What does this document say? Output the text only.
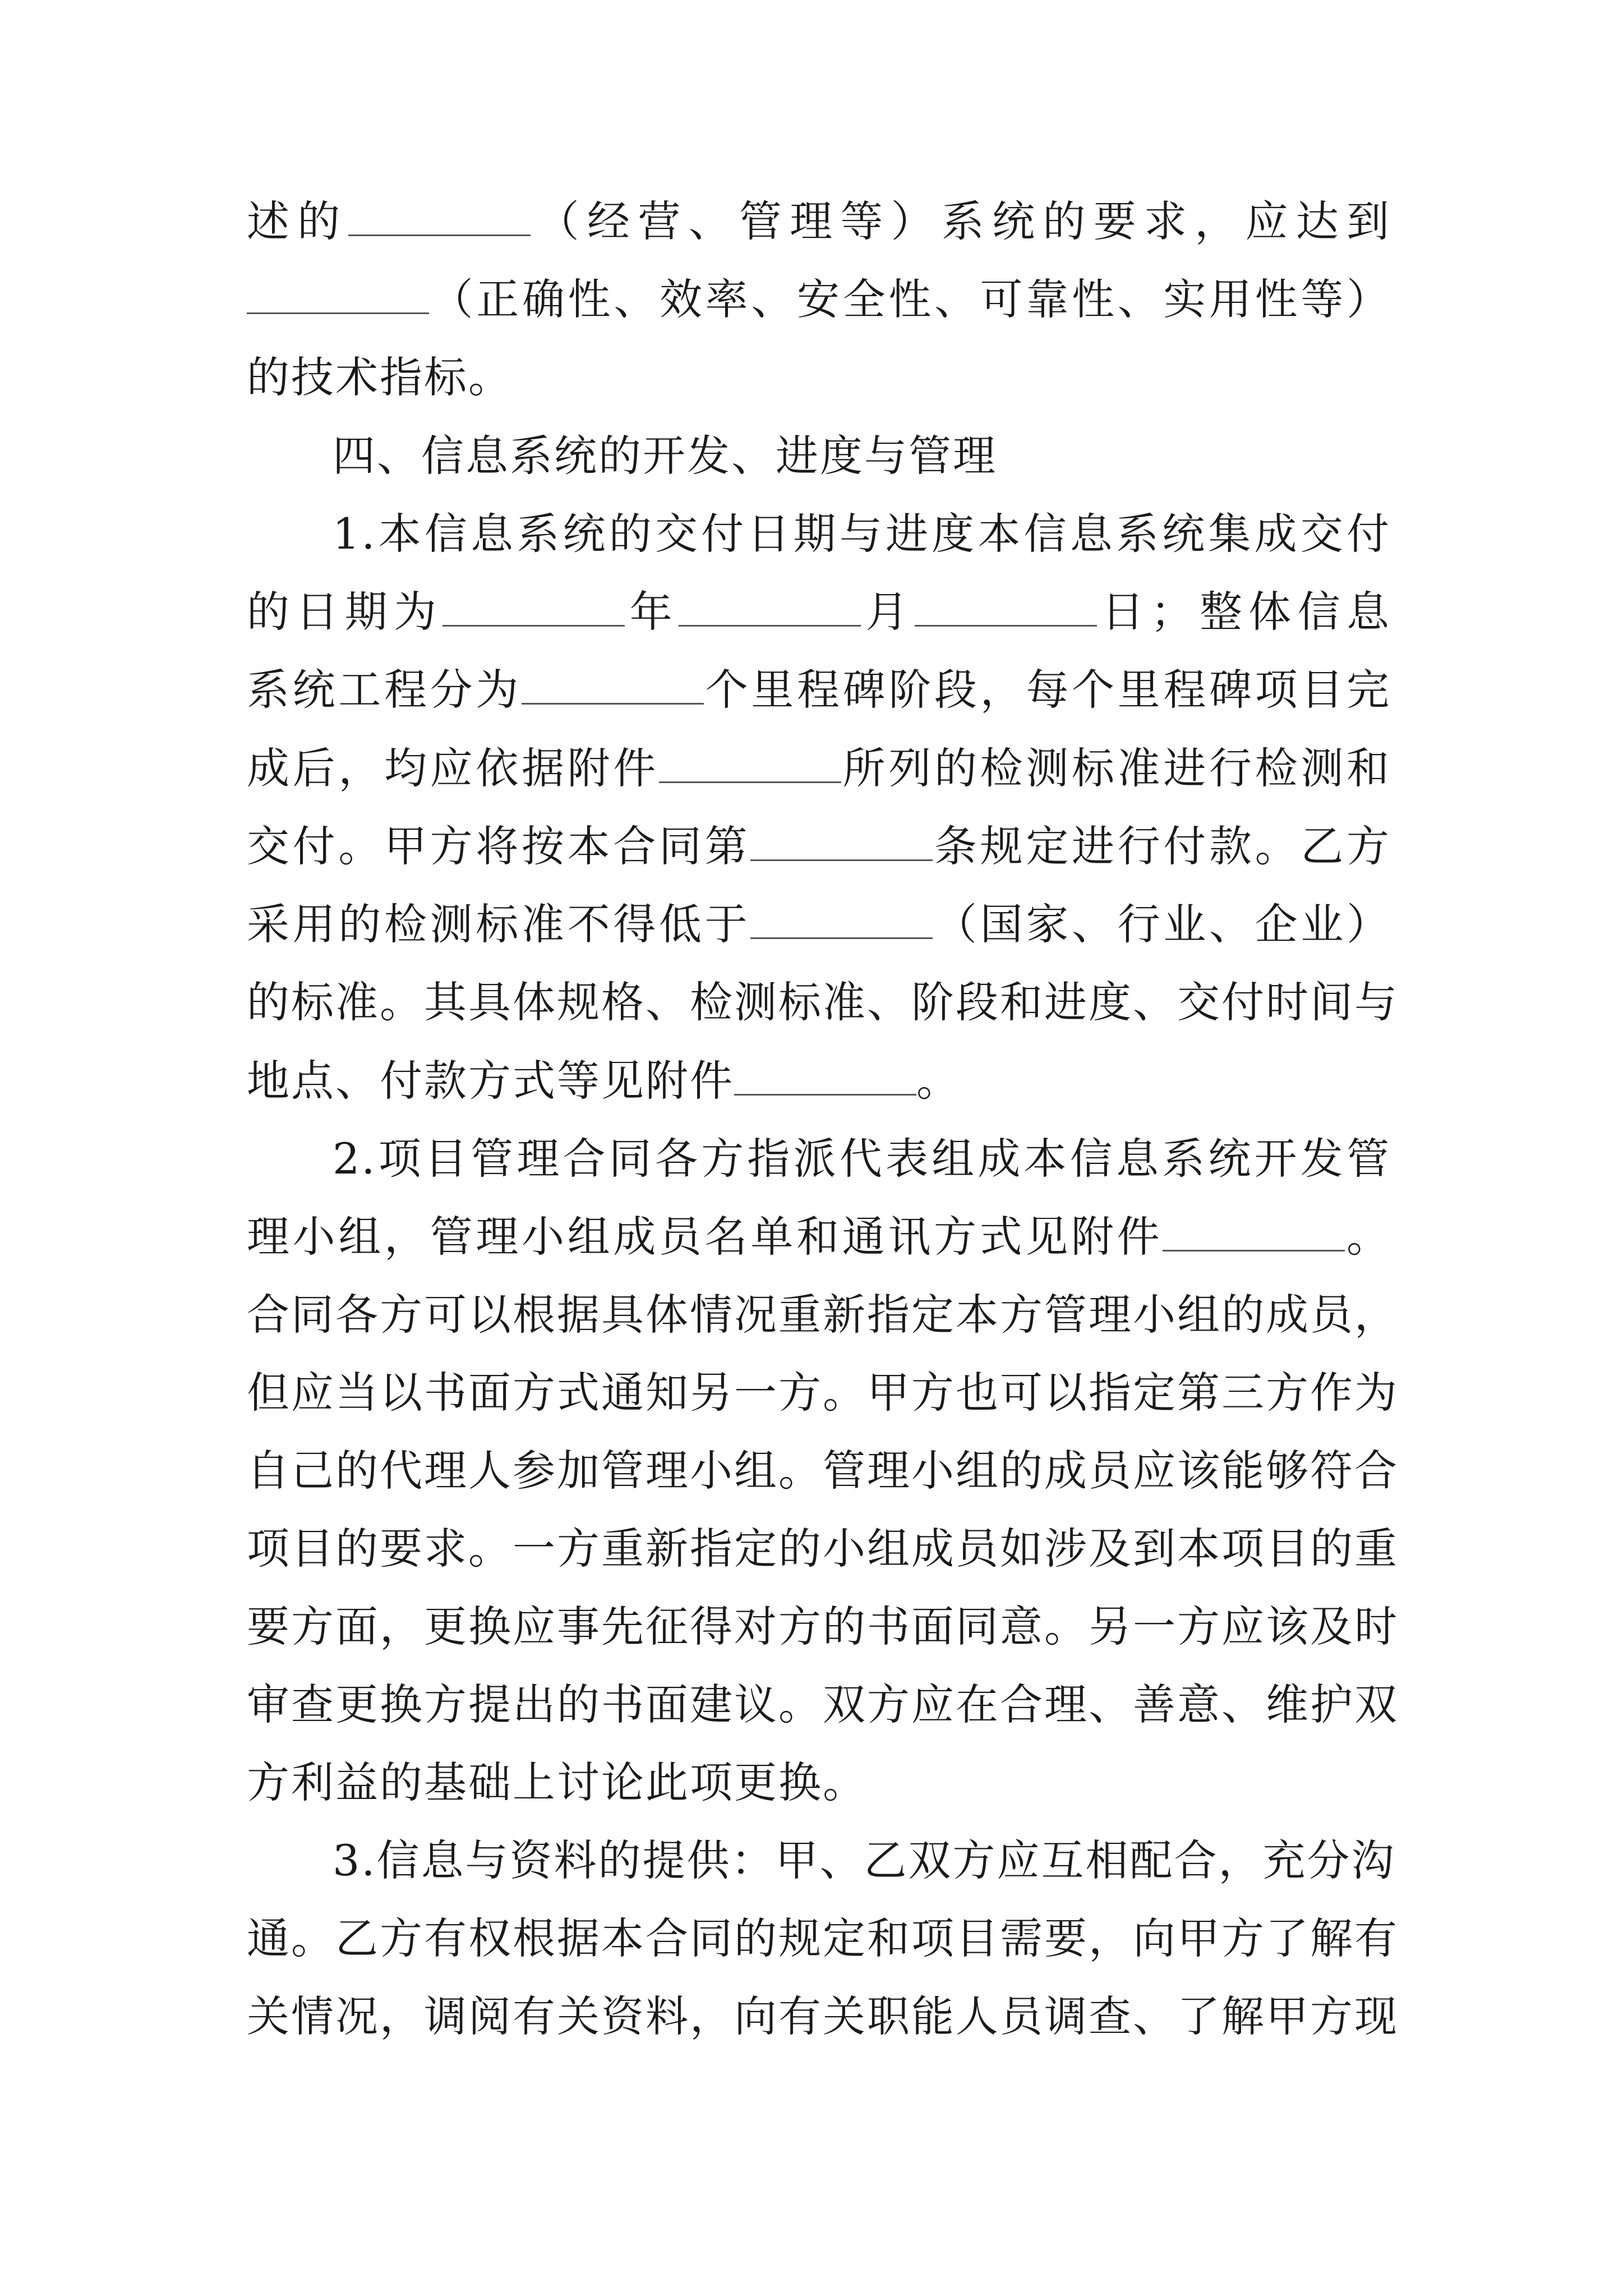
述的	（经营、管理等）系统的要求，应达到
（正确性、效率、安全性、可靠性、实用性等）
的技术指标。
四、信息系统的开发、进度与管理
1.本信息系统的交付日期与进度本信息系统集成交付
的日期为	年	月	日；整体信息
系统工程分为	个里程碑阶段，每个里程碑项目完
成后，均应依据附件	所列的检测标准进行检测和
交付。甲方将按本合同第	条规定进行付款。乙方
采用的检测标准不得低于	（国家、行业、企业）
的标准。其具体规格、检测标准、阶段和进度、交付时间与
地点、付款方式等见附件	。
2.项目管理合同各方指派代表组成本信息系统开发管
理小组，管理小组成员名单和通讯方式见附件	。
合同各方可以根据具体情况重新指定本方管理小组的成员，
但应当以书面方式通知另一方。甲方也可以指定第三方作为
自己的代理人参加管理小组。管理小组的成员应该能够符合
项目的要求。一方重新指定的小组成员如涉及到本项目的重
要方面，更换应事先征得对方的书面同意。另一方应该及时
审查更换方提出的书面建议。双方应在合理、善意、维护双
方利益的基础上讨论此项更换。
3.信息与资料的提供：甲、乙双方应互相配合，充分沟
通。乙方有权根据本合同的规定和项目需要，向甲方了解有
关情况，调阅有关资料，向有关职能人员调查、了解甲方现
